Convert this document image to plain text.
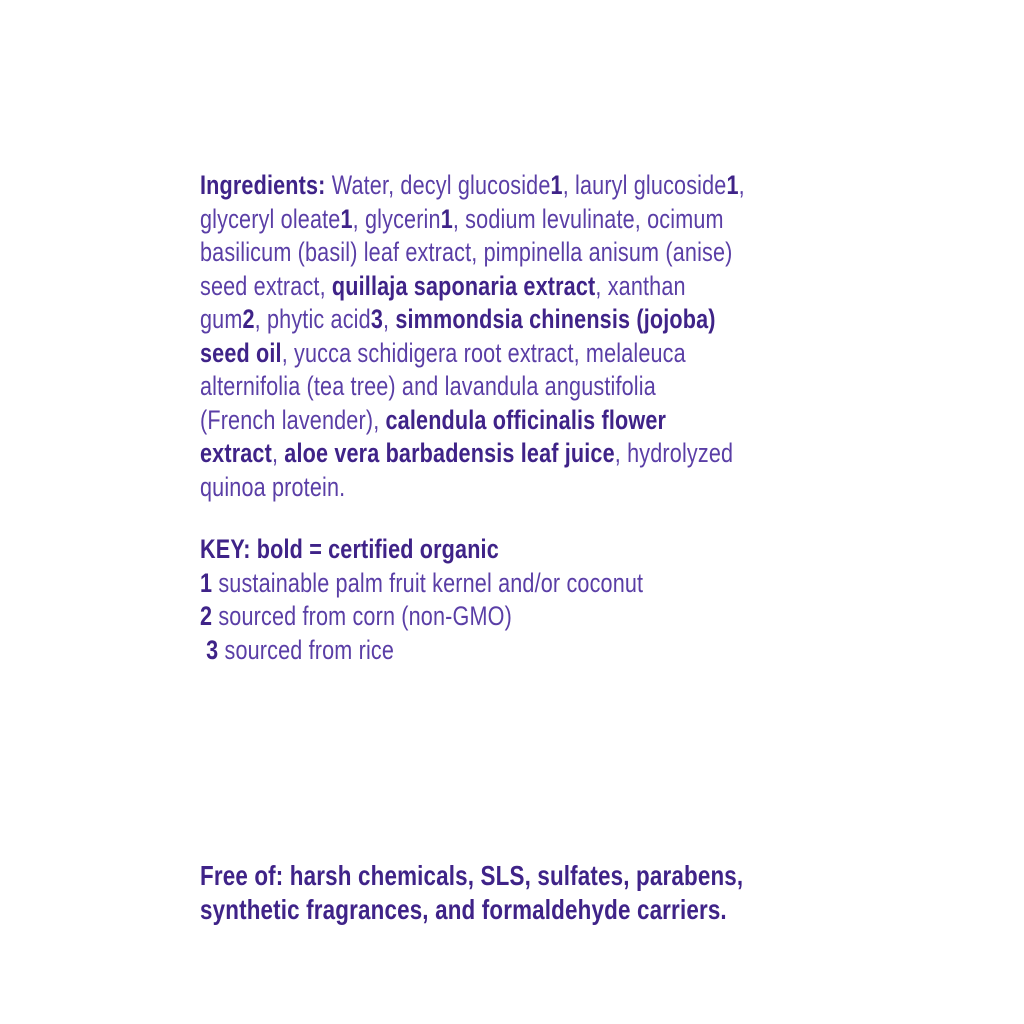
Ingredients: Water, decyl glucoside1, lauryl glucoside1,
glyceryl oleate1, glycerin1, sodium levulinate, ocimum
basilicum (basil) leaf extract, pimpinella anisum (anise)
seed extract, quillaja saponaria extract, xanthan
gum2, phytic acid3, simmondsia chinensis (jojoba)
seed oil, yucca schidigera root extract, melaleuca
alternifolia (tea tree) and lavandula angustifolia
(French lavender), calendula officinalis flower
extract, aloe vera barbadensis leaf juice, hydrolyzed
quinoa protein.
KEY: bold = certified organic
1 sustainable palm fruit kernel and/or coconut
2 sourced from corn (non-GMO)
3 sourced from rice
Free of: harsh chemicals, SLS, sulfates, parabens,
synthetic fragrances, and formaldehyde carriers.
